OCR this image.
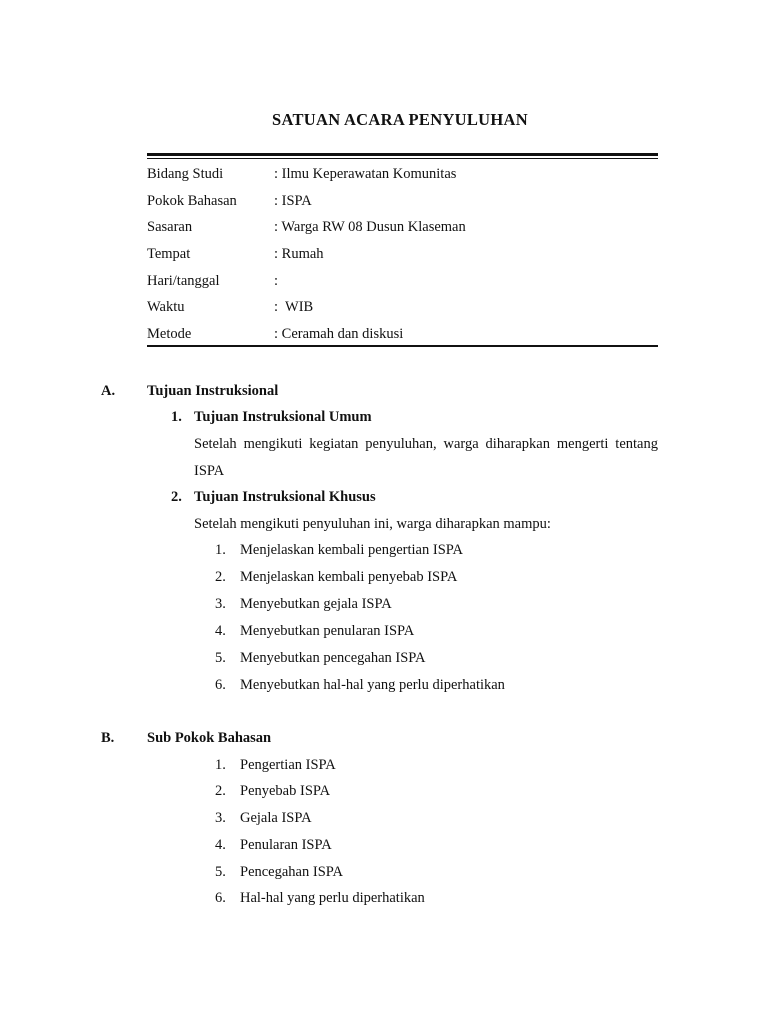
SATUAN ACARA PENYULUHAN
Bidang Studi	: Ilmu Keperawatan Komunitas
Pokok Bahasan	: ISPA
Sasaran	: Warga RW 08 Dusun Klaseman
Tempat	: Rumah
Hari/tanggal	:
Waktu	:  WIB
Metode	: Ceramah dan diskusi
A. Tujuan Instruksional
1. Tujuan Instruksional Umum
Setelah mengikuti kegiatan penyuluhan, warga diharapkan mengerti tentang ISPA
2. Tujuan Instruksional Khusus
Setelah mengikuti penyuluhan ini, warga diharapkan mampu:
1. Menjelaskan kembali pengertian ISPA
2. Menjelaskan kembali penyebab ISPA
3. Menyebutkan gejala ISPA
4. Menyebutkan penularan ISPA
5. Menyebutkan pencegahan ISPA
6. Menyebutkan hal-hal yang perlu diperhatikan
B. Sub Pokok Bahasan
1. Pengertian ISPA
2. Penyebab ISPA
3. Gejala ISPA
4. Penularan ISPA
5. Pencegahan ISPA
6. Hal-hal yang perlu diperhatikan
